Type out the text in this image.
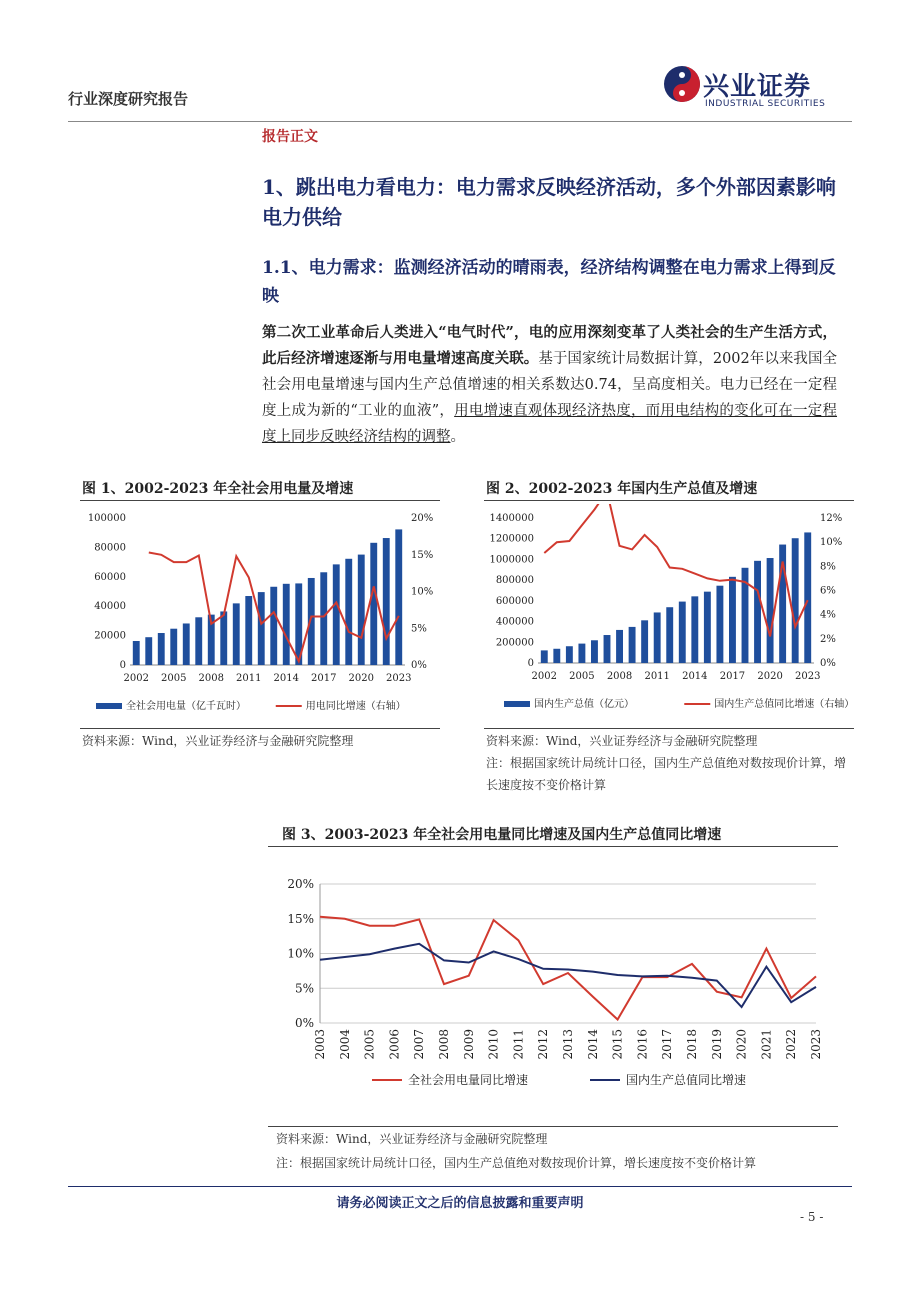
行业深度研究报告	兴业证券
INDUSTRIAL SECURITIES
报告正文
1、跳出电力看电力：电力需求反映经济活动，多个外部因素影响电力供给
1.1、电力需求：监测经济活动的晴雨表，经济结构调整在电力需求上得到反映
第二次工业革命后人类进入“电气时代”，电的应用深刻变革了人类社会的生产生活方式，此后经济增速逐渐与用电量增速高度关联。基于国家统计局数据计算，2002年以来我国全社会用电量增速与国内生产总值增速的相关系数达0.74，呈高度相关。电力已经在一定程度上成为新的“工业的血液”，用电增速直观体现经济热度，而用电结构的变化可在一定程度上同步反映经济结构的调整。
图 1、2002-2023 年全社会用电量及增速
0
20000
40000
60000
80000
100000
0%
5%
10%
15%
20%
2002 2005 2008 2011 2014 2017 2020 2023
全社会用电量（亿千瓦时）	用电同比增速（右轴）
资料来源：Wind，兴业证券经济与金融研究院整理
图 2、2002-2023 年国内生产总值及增速
0
200000
400000
600000
800000
1000000
1200000
1400000
0%
2%
4%
6%
8%
10%
12%
2002 2005 2008 2011 2014 2017 2020 2023
国内生产总值（亿元）	国内生产总值同比增速（右轴）
资料来源：Wind，兴业证券经济与金融研究院整理
注：根据国家统计局统计口径，国内生产总值绝对数按现价计算，增长速度按不变价格计算
图 3、2003-2023 年全社会用电量同比增速及国内生产总值同比增速
0%
5%
10%
15%
20%
2003 2004 2005 2006 2007 2008 2009 2010 2011 2012 2013 2014 2015 2016 2017 2018 2019 2020 2021 2022 2023
全社会用电量同比增速	国内生产总值同比增速
资料来源：Wind，兴业证券经济与金融研究院整理
注：根据国家统计局统计口径，国内生产总值绝对数按现价计算，增长速度按不变价格计算
请务必阅读正文之后的信息披露和重要声明
- 5 -
